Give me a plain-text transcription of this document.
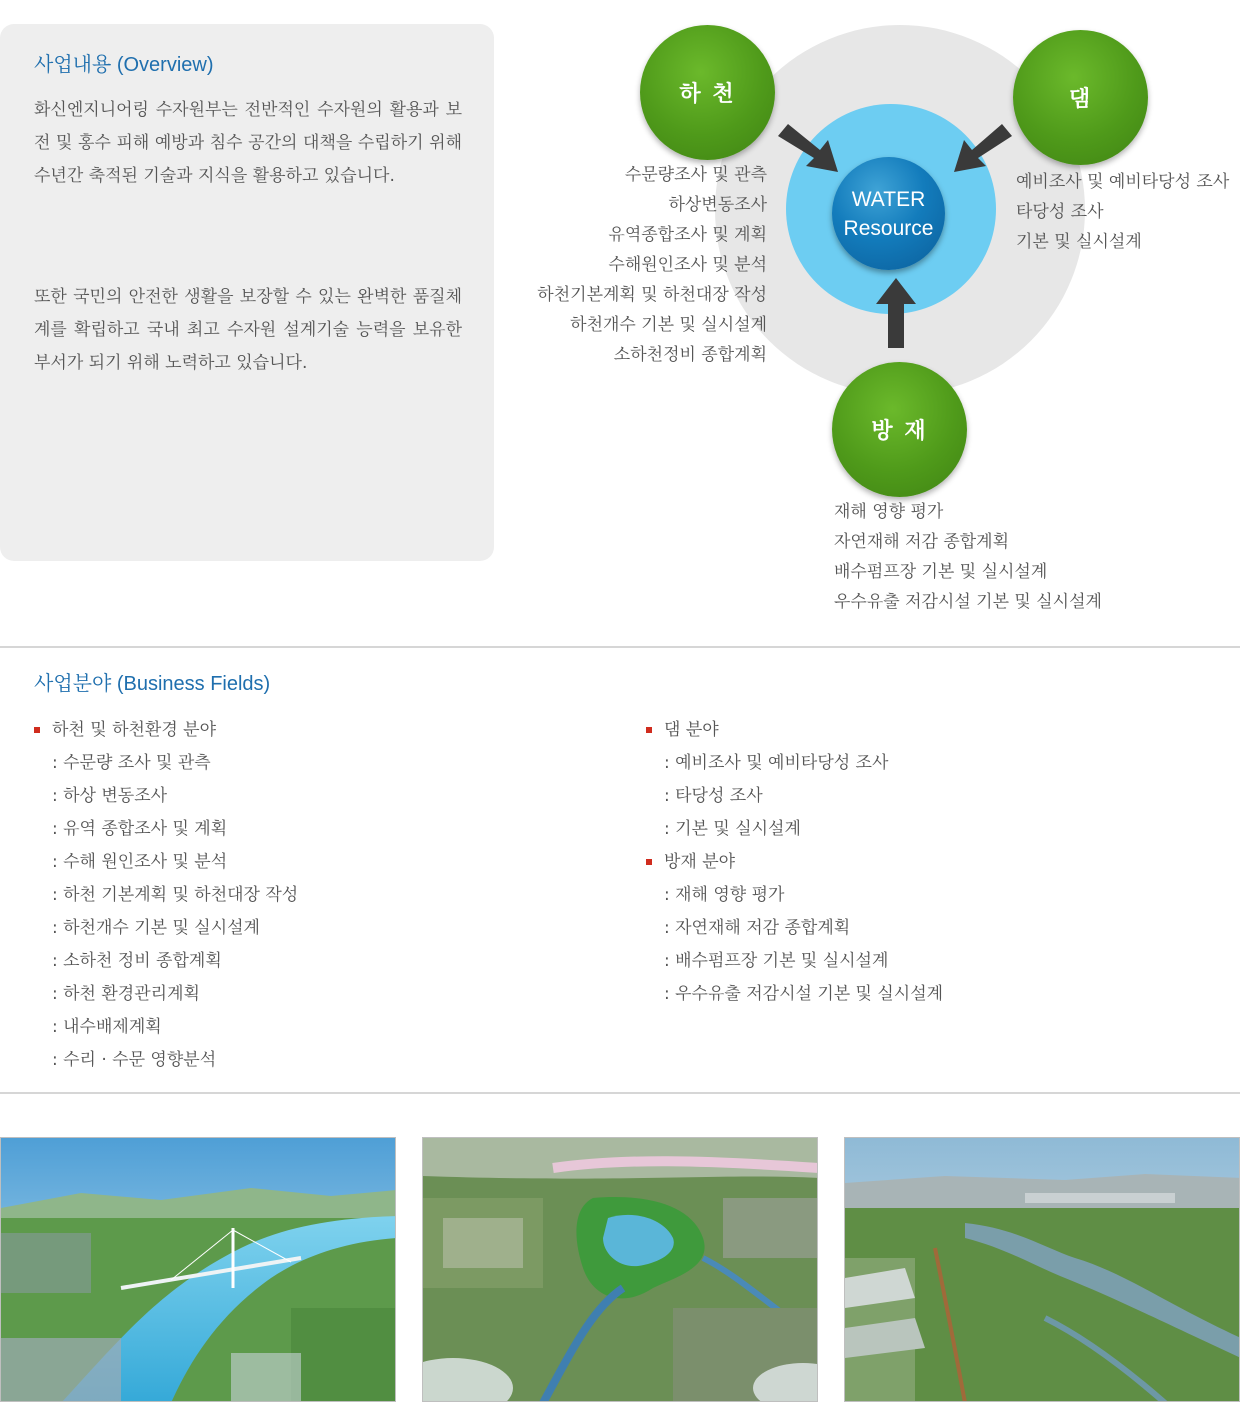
사업내용 (Overview)

화신엔지니어링 수자원부는 전반적인 수자원의 활용과 보전 및 홍수 피해 예방과 침수 공간의 대책을 수립하기 위해 수년간 축적된 기술과 지식을 활용하고 있습니다.

또한 국민의 안전한 생활을 보장할 수 있는 완벽한 품질체계를 확립하고 국내 최고 수자원 설계기술 능력을 보유한 부서가 되기 위해 노력하고 있습니다.

WATER
Resource
하 천	댐
방 재
수문량조사 및 관측
하상변동조사
유역종합조사 및 계획
수해원인조사 및 분석
하천기본계획 및 하천대장 작성
하천개수 기본 및 실시설계
소하천정비 종합계획
예비조사 및 예비타당성 조사
타당성 조사
기본 및 실시설계
재해 영향 평가
자연재해 저감 종합계획
배수펌프장 기본 및 실시설계
우수유출 저감시설 기본 및 실시설계
사업분야 (Business Fields)
하천 및 하천환경 분야
: 수문량 조사 및 관측
: 하상 변동조사
: 유역 종합조사 및 계획
: 수해 원인조사 및 분석
: 하천 기본계획 및 하천대장 작성
: 하천개수 기본 및 실시설계
: 소하천 정비 종합계획
: 하천 환경관리계획
: 내수배제계획
: 수리 · 수문 영향분석
댐 분야
: 예비조사 및 예비타당성 조사
: 타당성 조사
: 기본 및 실시설계
방재 분야
: 재해 영향 평가
: 자연재해 저감 종합계획
: 배수펌프장 기본 및 실시설계
: 우수유출 저감시설 기본 및 실시설계
